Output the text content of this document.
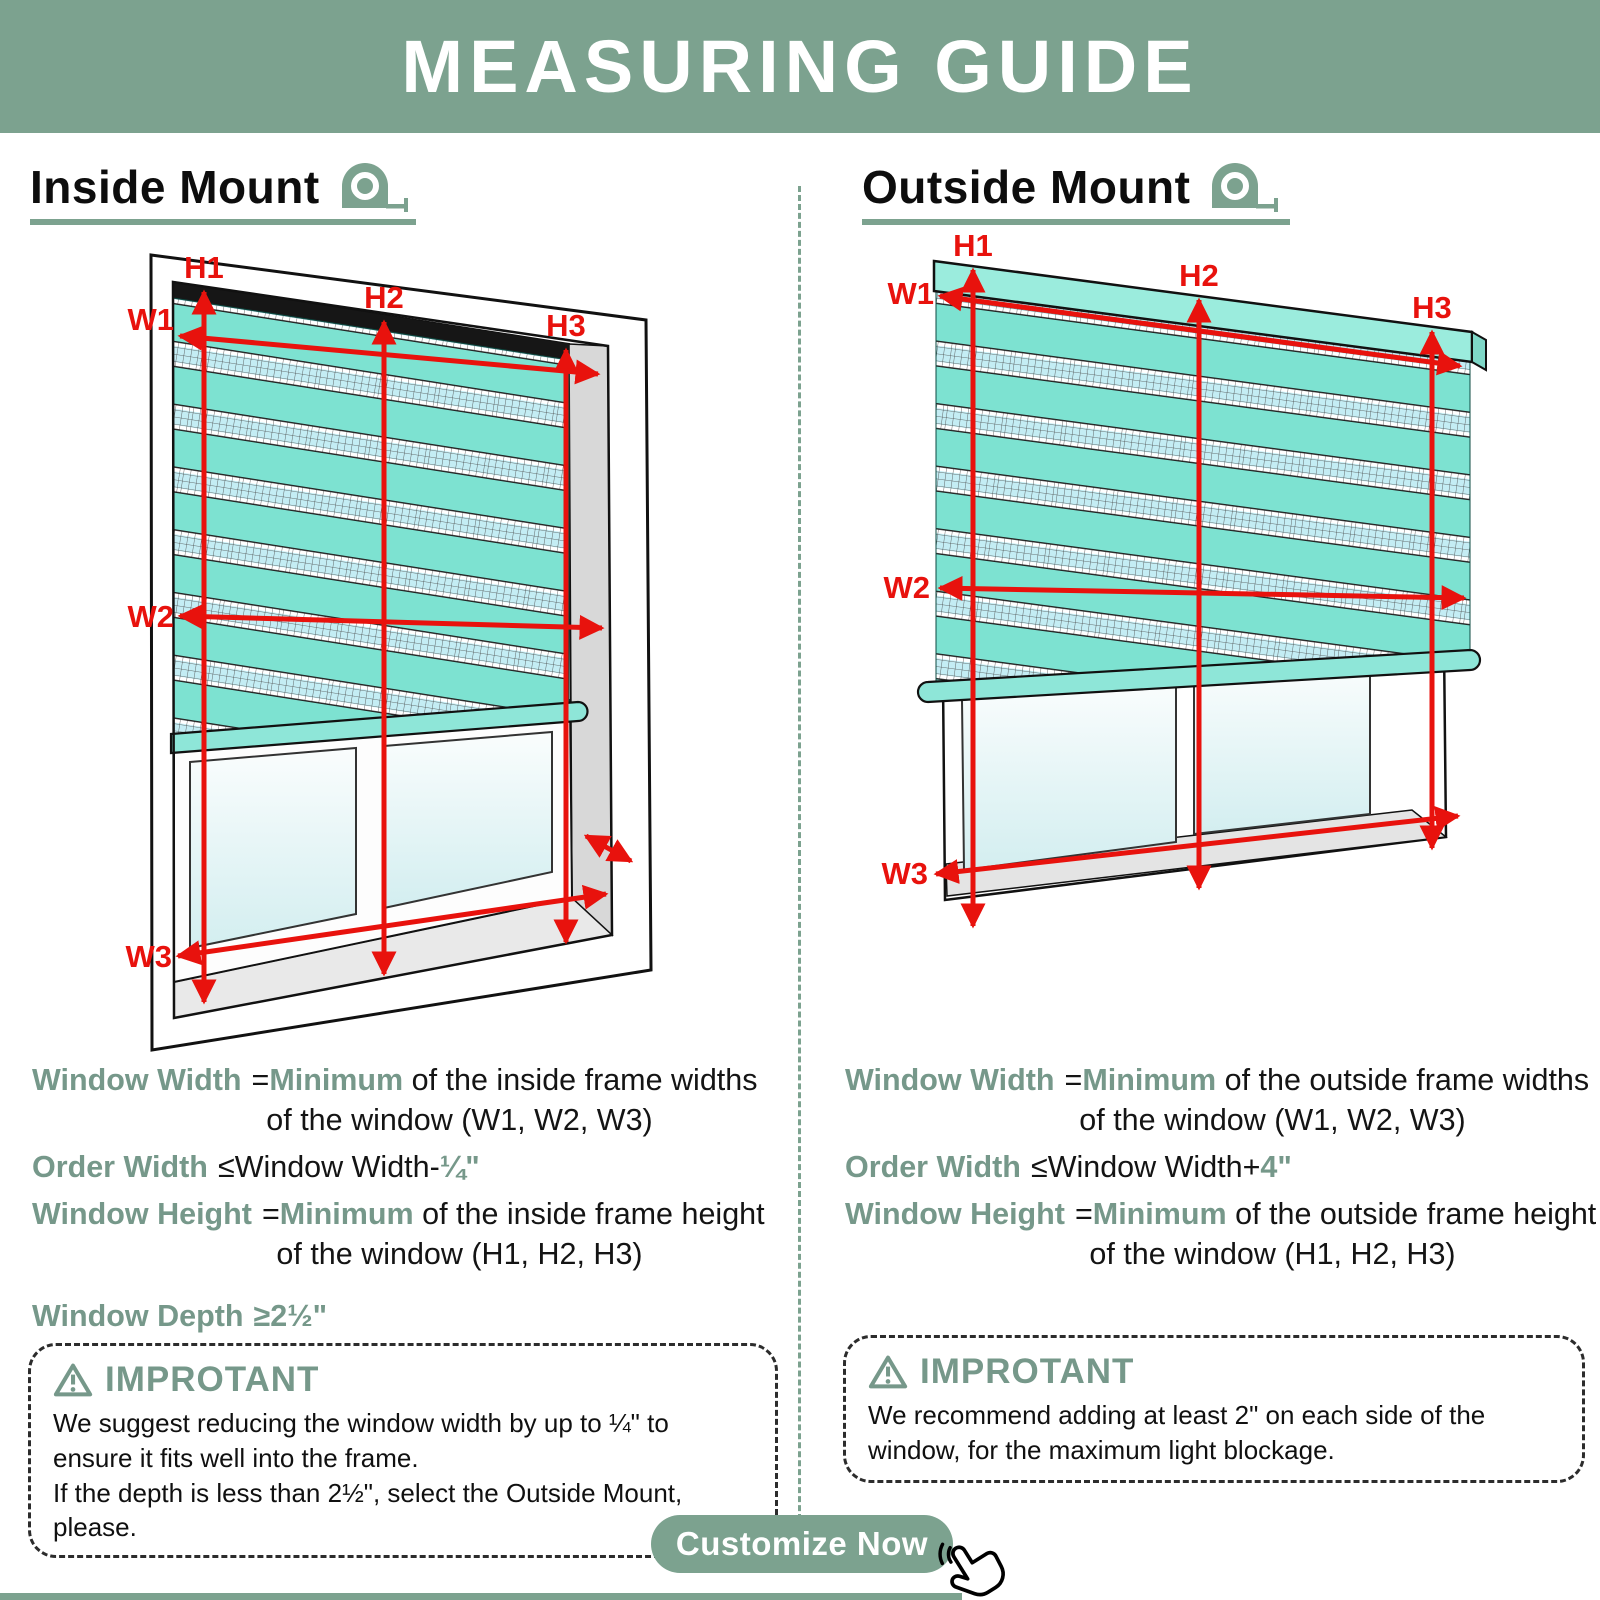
MEASURING GUIDE
Inside Mount	Outside Mount
H1
H2
H3
W1
W2
W3
H1
H2
H3
W1
W2
W3
Window Width =Minimum of the inside frame widths
of the window (W1, W2, W3)
Order Width ≤Window Width-¼"
Window Height =Minimum of the inside frame height
of the window (H1, H2, H3)
Window Depth ≥2½"
Window Width =Minimum of the outside frame widths
of the window (W1, W2, W3)
Order Width ≤Window Width+4"
Window Height =Minimum of the outside frame height
of the window (H1, H2, H3)
IMPROTANT
We suggest reducing the window width by up to ¼" to ensure it fits well into the frame.
If the depth is less than 2½", select the Outside Mount, please.
IMPROTANT
We recommend adding at least 2" on each side of the window, for the maximum light blockage.
Customize Now
